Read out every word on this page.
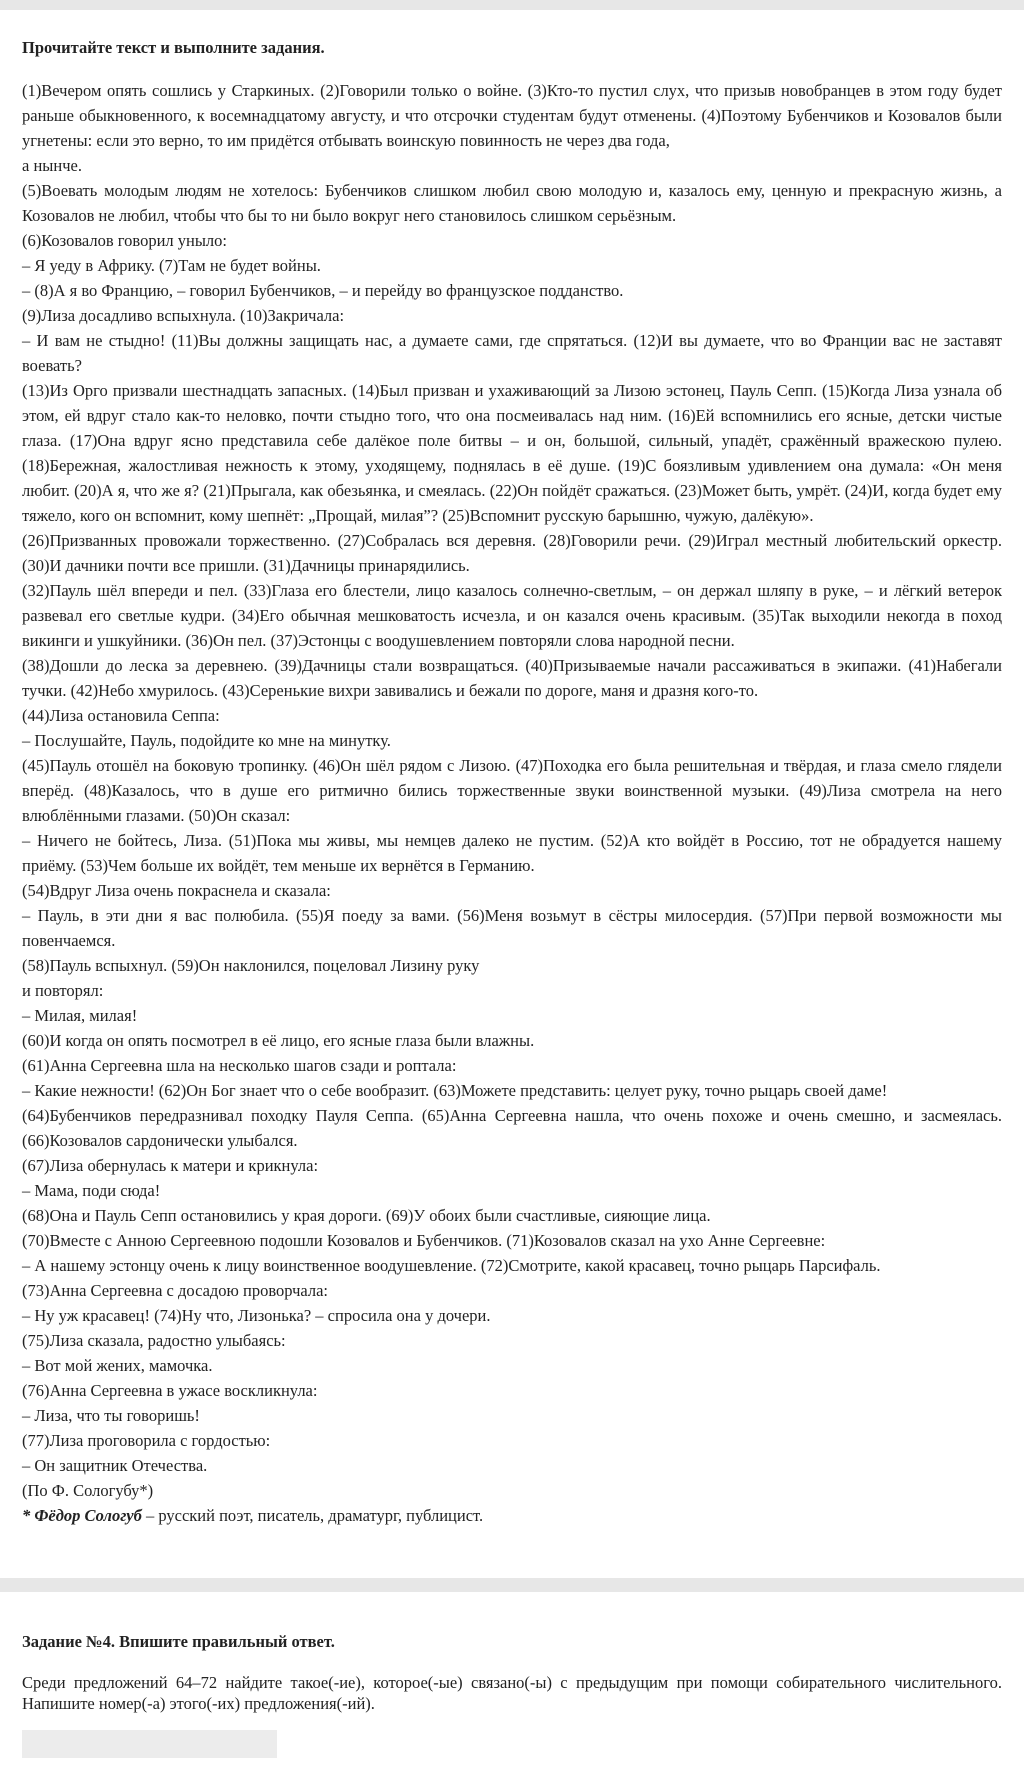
Прочитайте текст и выполните задания.

(1)Вечером опять сошлись у Старкиных. (2)Говорили только о войне. (3)Кто-то пустил слух, что призыв новобранцев в этом году будет раньше обыкновенного, к восемнадцатому августу, и что отсрочки студентам будут отменены. (4)Поэтому Бубенчиков и Козовалов были угнетены: если это верно, то им придётся отбывать воинскую повинность не через два года,

а нынче.

(5)Воевать молодым людям не хотелось: Бубенчиков слишком любил свою молодую и, казалось ему, ценную и прекрасную жизнь, а Козовалов не любил, чтобы что бы то ни было вокруг него становилось слишком серьёзным.

(6)Козовалов говорил уныло:

– Я уеду в Африку. (7)Там не будет войны.

– (8)А я во Францию, – говорил Бубенчиков, – и перейду во французское подданство.

(9)Лиза досадливо вспыхнула. (10)Закричала:

– И вам не стыдно! (11)Вы должны защищать нас, а думаете сами, где спрятаться. (12)И вы думаете, что во Франции вас не заставят воевать?

(13)Из Орго призвали шестнадцать запасных. (14)Был призван и ухаживающий за Лизою эстонец, Пауль Сепп. (15)Когда Лиза узнала об этом, ей вдруг стало как-то неловко, почти стыдно того, что она посмеивалась над ним. (16)Ей вспомнились его ясные, детски чистые глаза. (17)Она вдруг ясно представила себе далёкое поле битвы – и он, большой, сильный, упадёт, сражённый вражескою пулею. (18)Бережная, жалостливая нежность к этому, уходящему, поднялась в её душе. (19)С боязливым удивлением она думала: «Он меня любит. (20)А я, что же я? (21)Прыгала, как обезьянка, и смеялась. (22)Он пойдёт сражаться. (23)Может быть, умрёт. (24)И, когда будет ему тяжело, кого он вспомнит, кому шепнёт: „Прощай, милая”? (25)Вспомнит русскую барышню, чужую, далёкую».

(26)Призванных провожали торжественно. (27)Собралась вся деревня. (28)Говорили речи. (29)Играл местный любительский оркестр. (30)И дачники почти все пришли. (31)Дачницы принарядились.

(32)Пауль шёл впереди и пел. (33)Глаза его блестели, лицо казалось солнечно-светлым, – он держал шляпу в руке, – и лёгкий ветерок развевал его светлые кудри. (34)Его обычная мешковатость исчезла, и он казался очень красивым. (35)Так выходили некогда в поход викинги и ушкуйники. (36)Он пел. (37)Эстонцы с воодушевлением повторяли слова народной песни.

(38)Дошли до леска за деревнею. (39)Дачницы стали возвращаться. (40)Призываемые начали рассаживаться в экипажи. (41)Набегали тучки. (42)Небо хмурилось. (43)Серенькие вихри завивались и бежали по дороге, маня и дразня кого-то.

(44)Лиза остановила Сеппа:

– Послушайте, Пауль, подойдите ко мне на минутку.

(45)Пауль отошёл на боковую тропинку. (46)Он шёл рядом с Лизою. (47)Походка его была решительная и твёрдая, и глаза смело глядели вперёд. (48)Казалось, что в душе его ритмично бились торжественные звуки воинственной музыки. (49)Лиза смотрела на него влюблёнными глазами. (50)Он сказал:

– Ничего не бойтесь, Лиза. (51)Пока мы живы, мы немцев далеко не пустим. (52)А кто войдёт в Россию, тот не обрадуется нашему приёму. (53)Чем больше их войдёт, тем меньше их вернётся в Германию.

(54)Вдруг Лиза очень покраснела и сказала:

– Пауль, в эти дни я вас полюбила. (55)Я поеду за вами. (56)Меня возьмут в сёстры милосердия. (57)При первой возможности мы повенчаемся.

(58)Пауль вспыхнул. (59)Он наклонился, поцеловал Лизину руку

и повторял:

– Милая, милая!

(60)И когда он опять посмотрел в её лицо, его ясные глаза были влажны.

(61)Анна Сергеевна шла на несколько шагов сзади и роптала:

– Какие нежности! (62)Он Бог знает что о себе вообразит. (63)Можете представить: целует руку, точно рыцарь своей даме!

(64)Бубенчиков передразнивал походку Пауля Сеппа. (65)Анна Сергеевна нашла, что очень похоже и очень смешно, и засмеялась. (66)Козовалов сардонически улыбался.

(67)Лиза обернулась к матери и крикнула:

– Мама, поди сюда!

(68)Она и Пауль Сепп остановились у края дороги. (69)У обоих были счастливые, сияющие лица.

(70)Вместе с Анною Сергеевною подошли Козовалов и Бубенчиков. (71)Козовалов сказал на ухо Анне Сергеевне:

– А нашему эстонцу очень к лицу воинственное воодушевление. (72)Смотрите, какой красавец, точно рыцарь Парсифаль.

(73)Анна Сергеевна с досадою проворчала:

– Ну уж красавец! (74)Ну что, Лизонька? – спросила она у дочери.

(75)Лиза сказала, радостно улыбаясь:

– Вот мой жених, мамочка.

(76)Анна Сергеевна в ужасе воскликнула:

– Лиза, что ты говоришь!

(77)Лиза проговорила с гордостью:

– Он защитник Отечества.

(По Ф. Сологубу*)

* Фёдор Сологуб – русский поэт, писатель, драматург, публицист.

Задание №4. Впишите правильный ответ.

Среди предложений 64–72 найдите такое(-ие), которое(-ые) связано(-ы) с предыдущим при помощи собирательного числительного. Напишите номер(-а) этого(-их) предложения(-ий).
